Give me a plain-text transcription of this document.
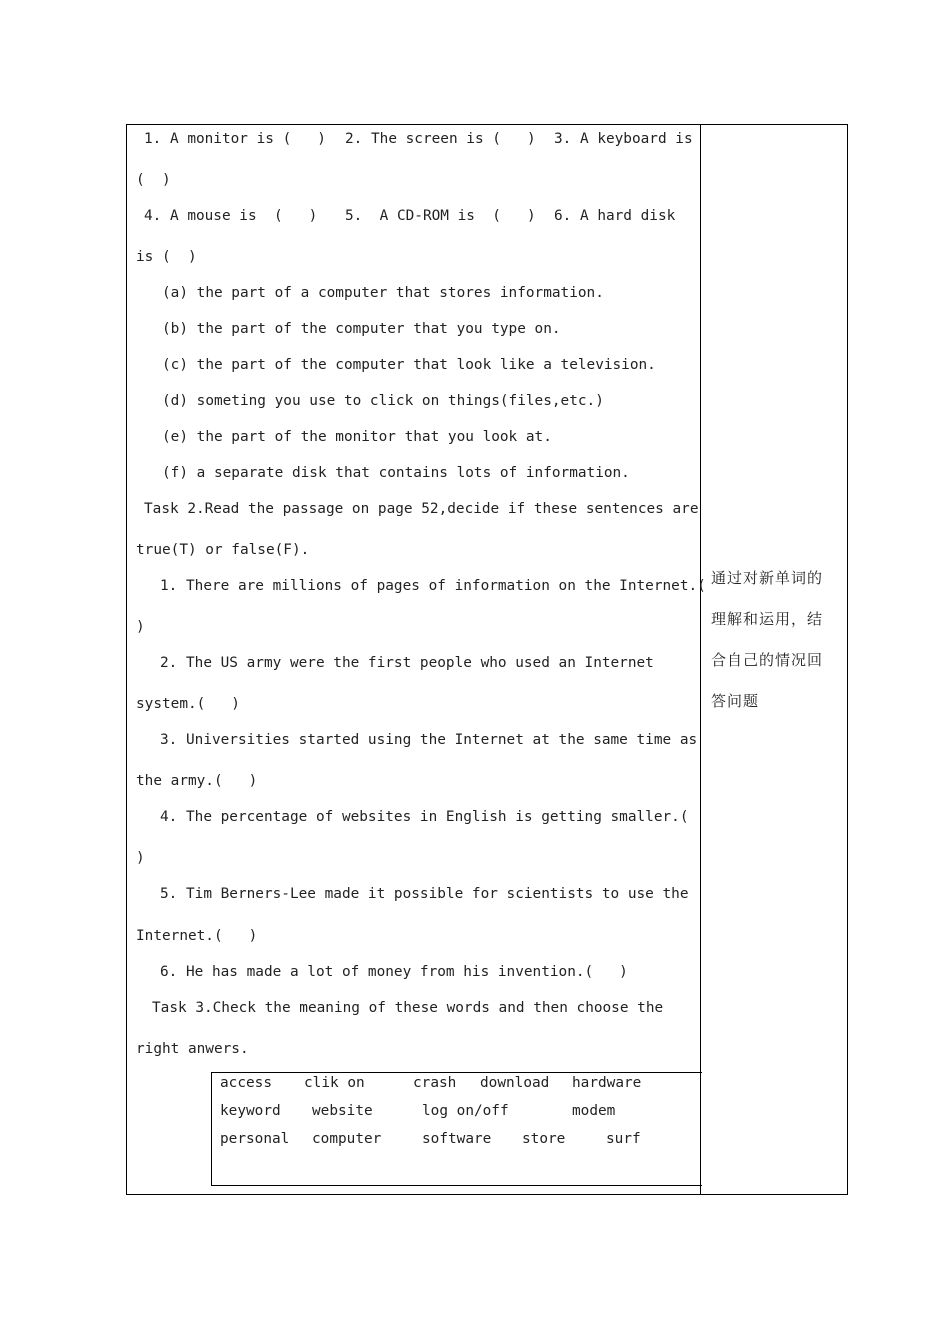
1. A monitor is (   ) 2. The screen is (   ) 3. A keyboard is
(  )
4. A mouse is  (   ) 5.  A CD-ROM is  (   ) 6. A hard disk
is (  )
(a) the part of a computer that stores information.
(b) the part of the computer that you type on.
(c) the part of the computer that look like a television.
(d) someting you use to click on things(files,etc.)
(e) the part of the monitor that you look at.
(f) a separate disk that contains lots of information.
Task 2.Read the passage on page 52,decide if these sentences are
true(T) or false(F).
1. There are millions of pages of information on the Internet.(
)
2. The US army were the first people who used an Internet
system.(   )
3. Universities started using the Internet at the same time as
the army.(   )
4. The percentage of websites in English is getting smaller.(
)
5. Tim Berners-Lee made it possible for scientists to use the
Internet.(   )
6. He has made a lot of money from his invention.(   )
Task 3.Check the meaning of these words and then choose the
right anwers.
access clik on	crash download hardware
keyword website	log on/off	modem
personal computer	software store	surf
通过对新单词的
理解和运用，结
合自己的情况回
答问题
